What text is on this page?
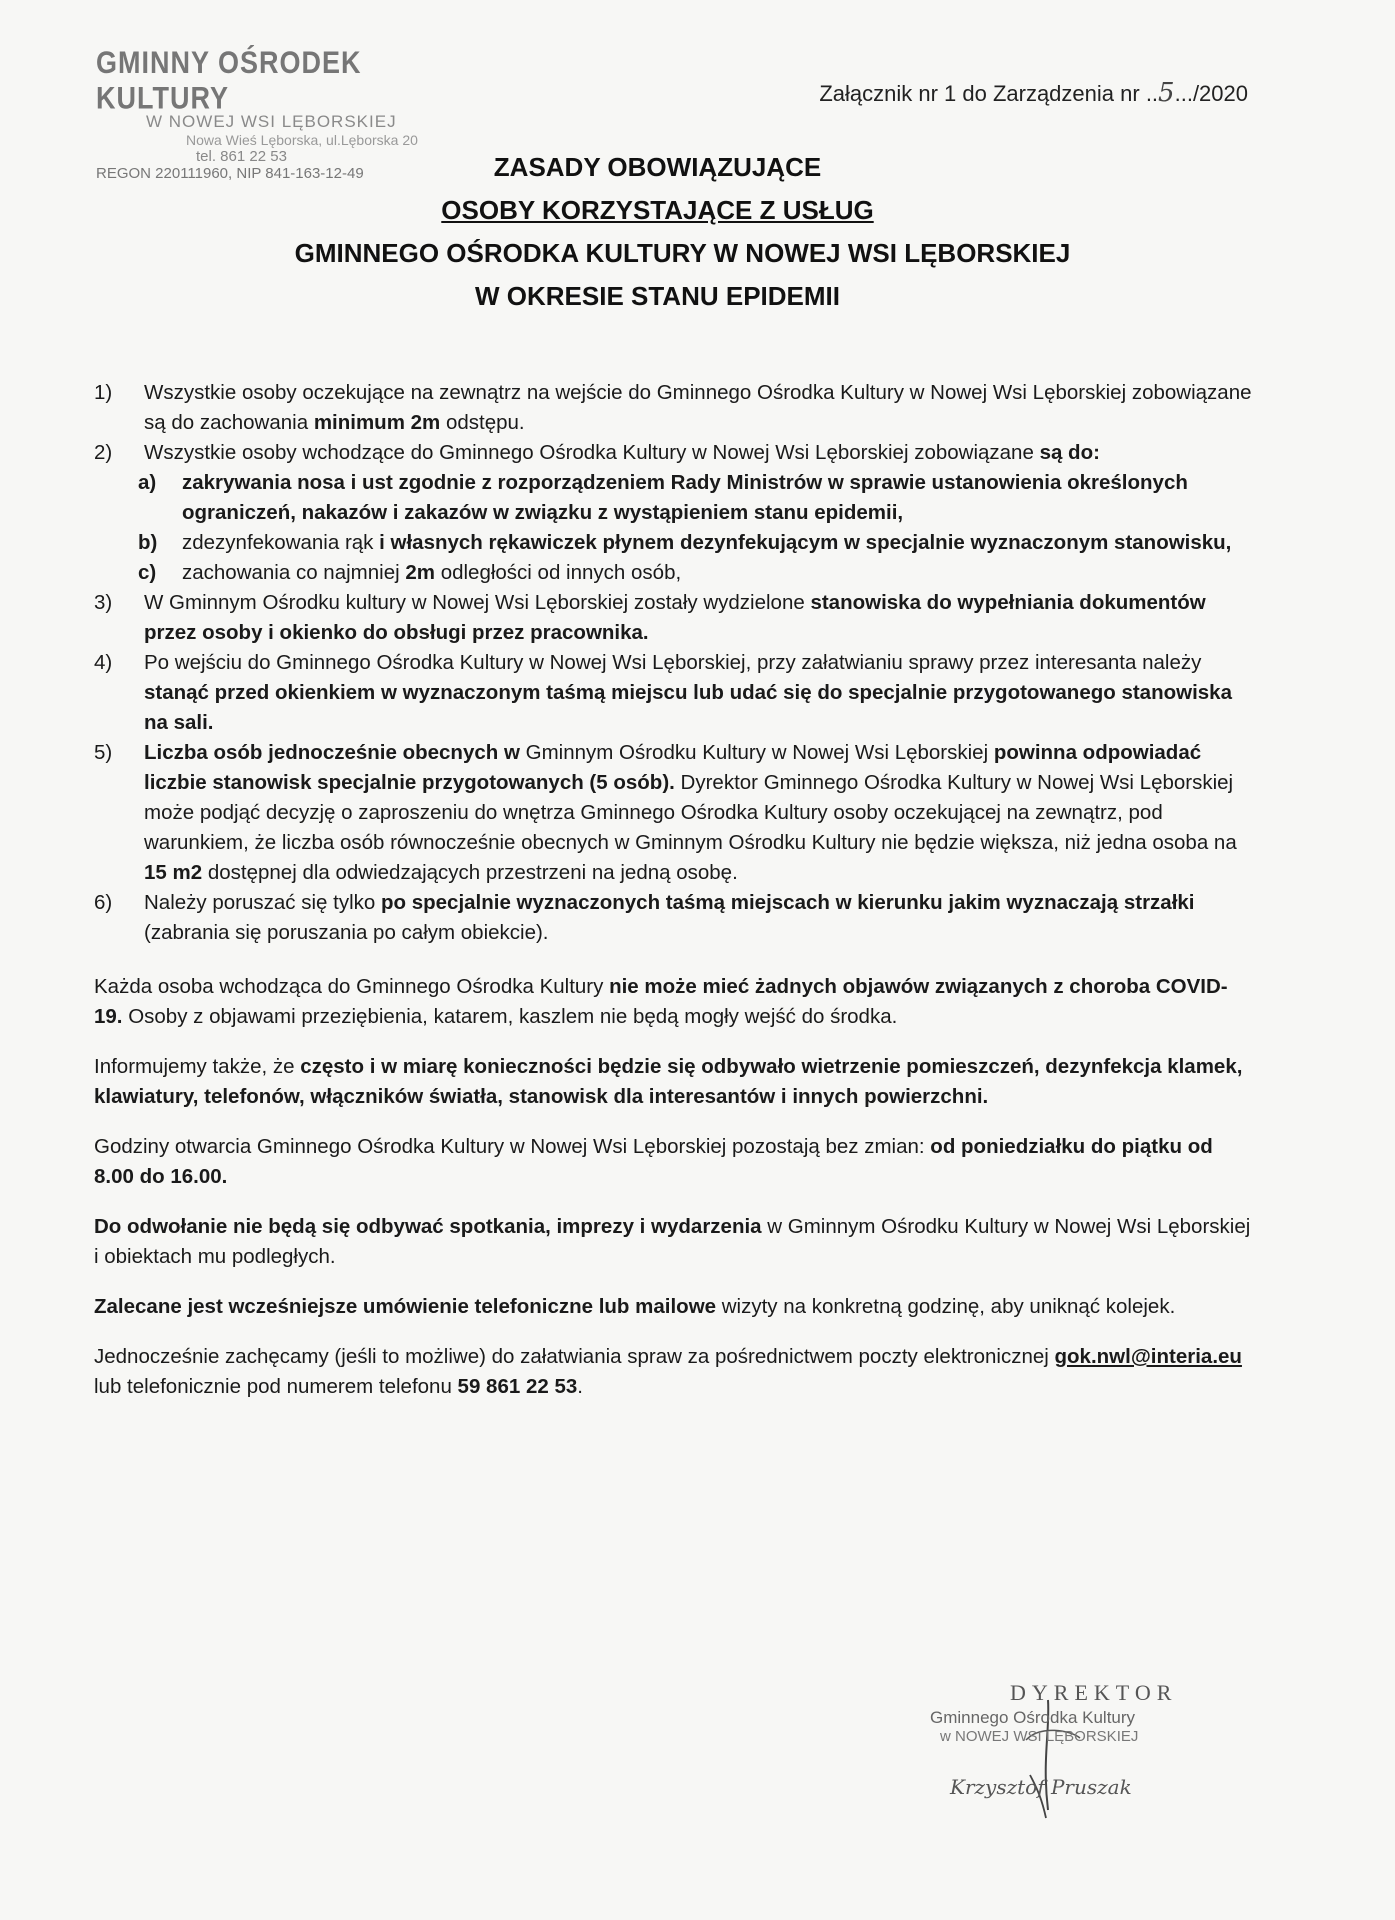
GMINNY OŚRODEK KULTURY
W NOWEJ WSI LĘBORSKIEJ
Nowa Wieś Lęborska, ul.Lęborska 20
tel. 861 22 53
REGON 220111960, NIP 841-163-12-49
Załącznik nr 1 do Zarządzenia nr ..5.../2020
ZASADY OBOWIĄZUJĄCE
OSOBY KORZYSTAJĄCE Z USŁUG
GMINNEGO OŚRODKA KULTURY W NOWEJ WSI LĘBORSKIEJ
W OKRESIE STANU EPIDEMII
1)	Wszystkie osoby oczekujące na zewnątrz na wejście do Gminnego Ośrodka Kultury w Nowej Wsi Lęborskiej zobowiązane są do zachowania minimum 2m odstępu.
2)	Wszystkie osoby wchodzące do Gminnego Ośrodka Kultury w Nowej Wsi Lęborskiej zobowiązane są do:
a)	zakrywania nosa i ust zgodnie z rozporządzeniem Rady Ministrów w sprawie ustanowienia określonych ograniczeń, nakazów i zakazów w związku z wystąpieniem stanu epidemii,
b)	zdezynfekowania rąk i własnych rękawiczek płynem dezynfekującym w specjalnie wyznaczonym stanowisku,
c)	zachowania co najmniej 2m odległości od innych osób,
3)	W Gminnym Ośrodku kultury w Nowej Wsi Lęborskiej zostały wydzielone stanowiska do wypełniania dokumentów przez osoby i okienko do obsługi przez pracownika.
4)	Po wejściu do Gminnego Ośrodka Kultury w Nowej Wsi Lęborskiej, przy załatwianiu sprawy przez interesanta należy stanąć przed okienkiem w wyznaczonym taśmą miejscu lub udać się do specjalnie przygotowanego stanowiska na sali.
5)	Liczba osób jednocześnie obecnych w Gminnym Ośrodku Kultury w Nowej Wsi Lęborskiej powinna odpowiadać liczbie stanowisk specjalnie przygotowanych (5 osób). Dyrektor Gminnego Ośrodka Kultury w Nowej Wsi Lęborskiej może podjąć decyzję o zaproszeniu do wnętrza Gminnego Ośrodka Kultury osoby oczekującej na zewnątrz, pod warunkiem, że liczba osób równocześnie obecnych w Gminnym Ośrodku Kultury nie będzie większa, niż jedna osoba na 15 m2 dostępnej dla odwiedzających przestrzeni na jedną osobę.
6)	Należy poruszać się tylko po specjalnie wyznaczonych taśmą miejscach w kierunku jakim wyznaczają strzałki (zabrania się poruszania po całym obiekcie).

Każda osoba wchodząca do Gminnego Ośrodka Kultury nie może mieć żadnych objawów związanych z choroba COVID-19. Osoby z objawami przeziębienia, katarem, kaszlem nie będą mogły wejść do środka.

Informujemy także, że często i w miarę konieczności będzie się odbywało wietrzenie pomieszczeń, dezynfekcja klamek, klawiatury, telefonów, włączników światła, stanowisk dla interesantów i innych powierzchni.

Godziny otwarcia Gminnego Ośrodka Kultury w Nowej Wsi Lęborskiej pozostają bez zmian: od poniedziałku do piątku od 8.00 do 16.00.

Do odwołanie nie będą się odbywać spotkania, imprezy i wydarzenia w Gminnym Ośrodku Kultury w Nowej Wsi Lęborskiej i obiektach mu podległych.

Zalecane jest wcześniejsze umówienie telefoniczne lub mailowe wizyty na konkretną godzinę, aby uniknąć kolejek.

Jednocześnie zachęcamy (jeśli to możliwe) do załatwiania spraw za pośrednictwem poczty elektronicznej gok.nwl@interia.eu lub telefonicznie pod numerem telefonu 59 861 22 53.

DYREKTOR
Gminnego Ośrodka Kultury
w NOWEJ WSI LĘBORSKIEJ
Krzysztof Pruszak
